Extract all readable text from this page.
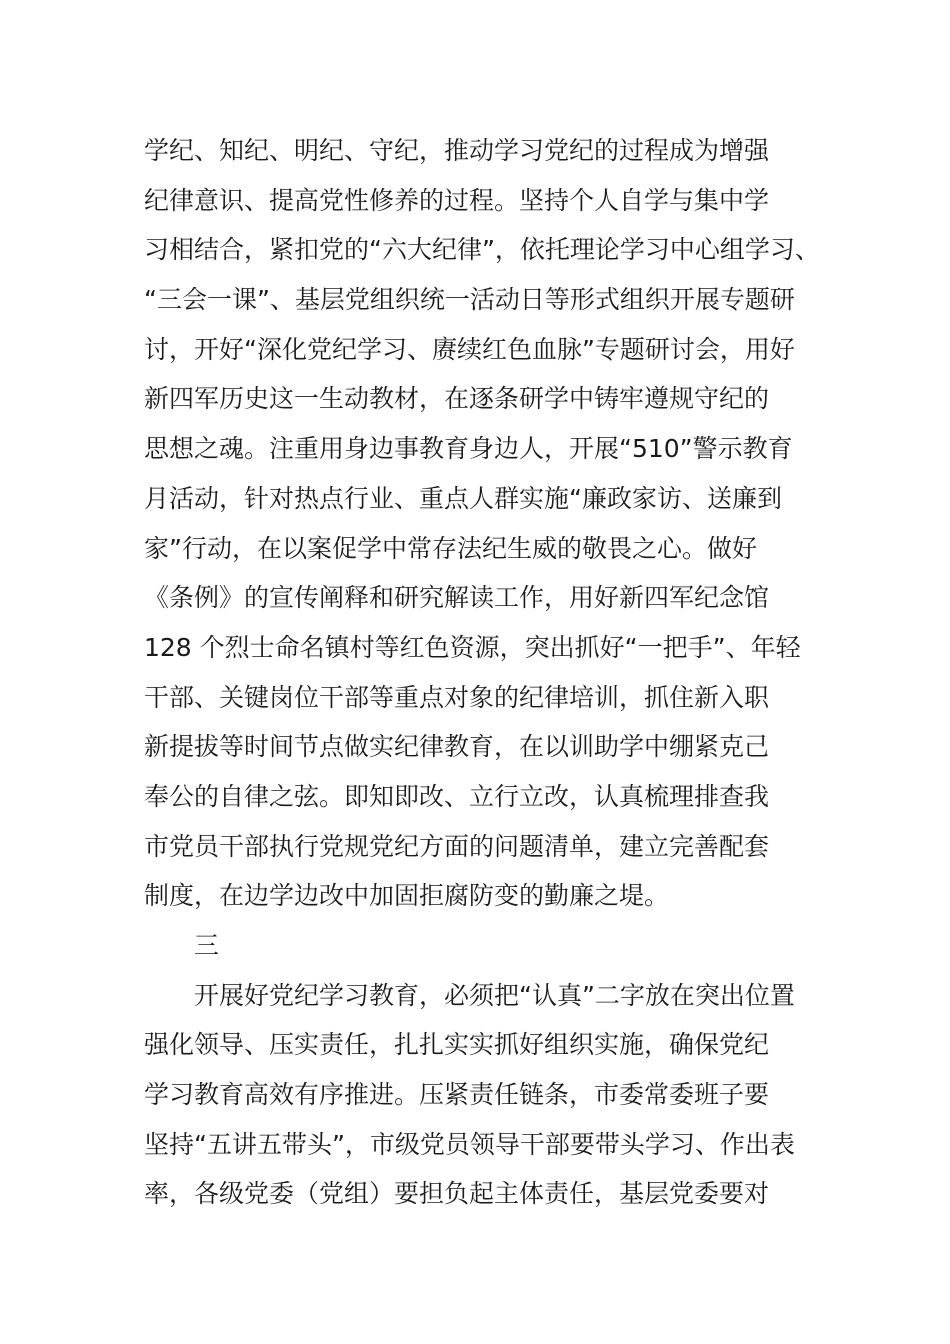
学纪、知纪、明纪、守纪，推动学习党纪的过程成为增强
纪律意识、提高党性修养的过程。坚持个人自学与集中学
习相结合，紧扣党的“六大纪律”，依托理论学习中心组学习、
“三会一课”、基层党组织统一活动日等形式组织开展专题研
讨，开好“深化党纪学习、赓续红色血脉”专题研讨会，用好
新四军历史这一生动教材，在逐条研学中铸牢遵规守纪的
思想之魂。注重用身边事教育身边人，开展“510”警示教育
月活动，针对热点行业、重点人群实施“廉政家访、送廉到
家”行动，在以案促学中常存法纪生威的敬畏之心。做好
《条例》的宣传阐释和研究解读工作，用好新四军纪念馆
128 个烈士命名镇村等红色资源，突出抓好“一把手”、年轻
干部、关键岗位干部等重点对象的纪律培训，抓住新入职
新提拔等时间节点做实纪律教育，在以训助学中绷紧克己
奉公的自律之弦。即知即改、立行立改，认真梳理排查我
市党员干部执行党规党纪方面的问题清单，建立完善配套
制度，在边学边改中加固拒腐防变的勤廉之堤。
三
开展好党纪学习教育，必须把“认真”二字放在突出位置
强化领导、压实责任，扎扎实实抓好组织实施，确保党纪
学习教育高效有序推进。压紧责任链条，市委常委班子要
坚持“五讲五带头”，市级党员领导干部要带头学习、作出表
率，各级党委（党组）要担负起主体责任，基层党委要对
